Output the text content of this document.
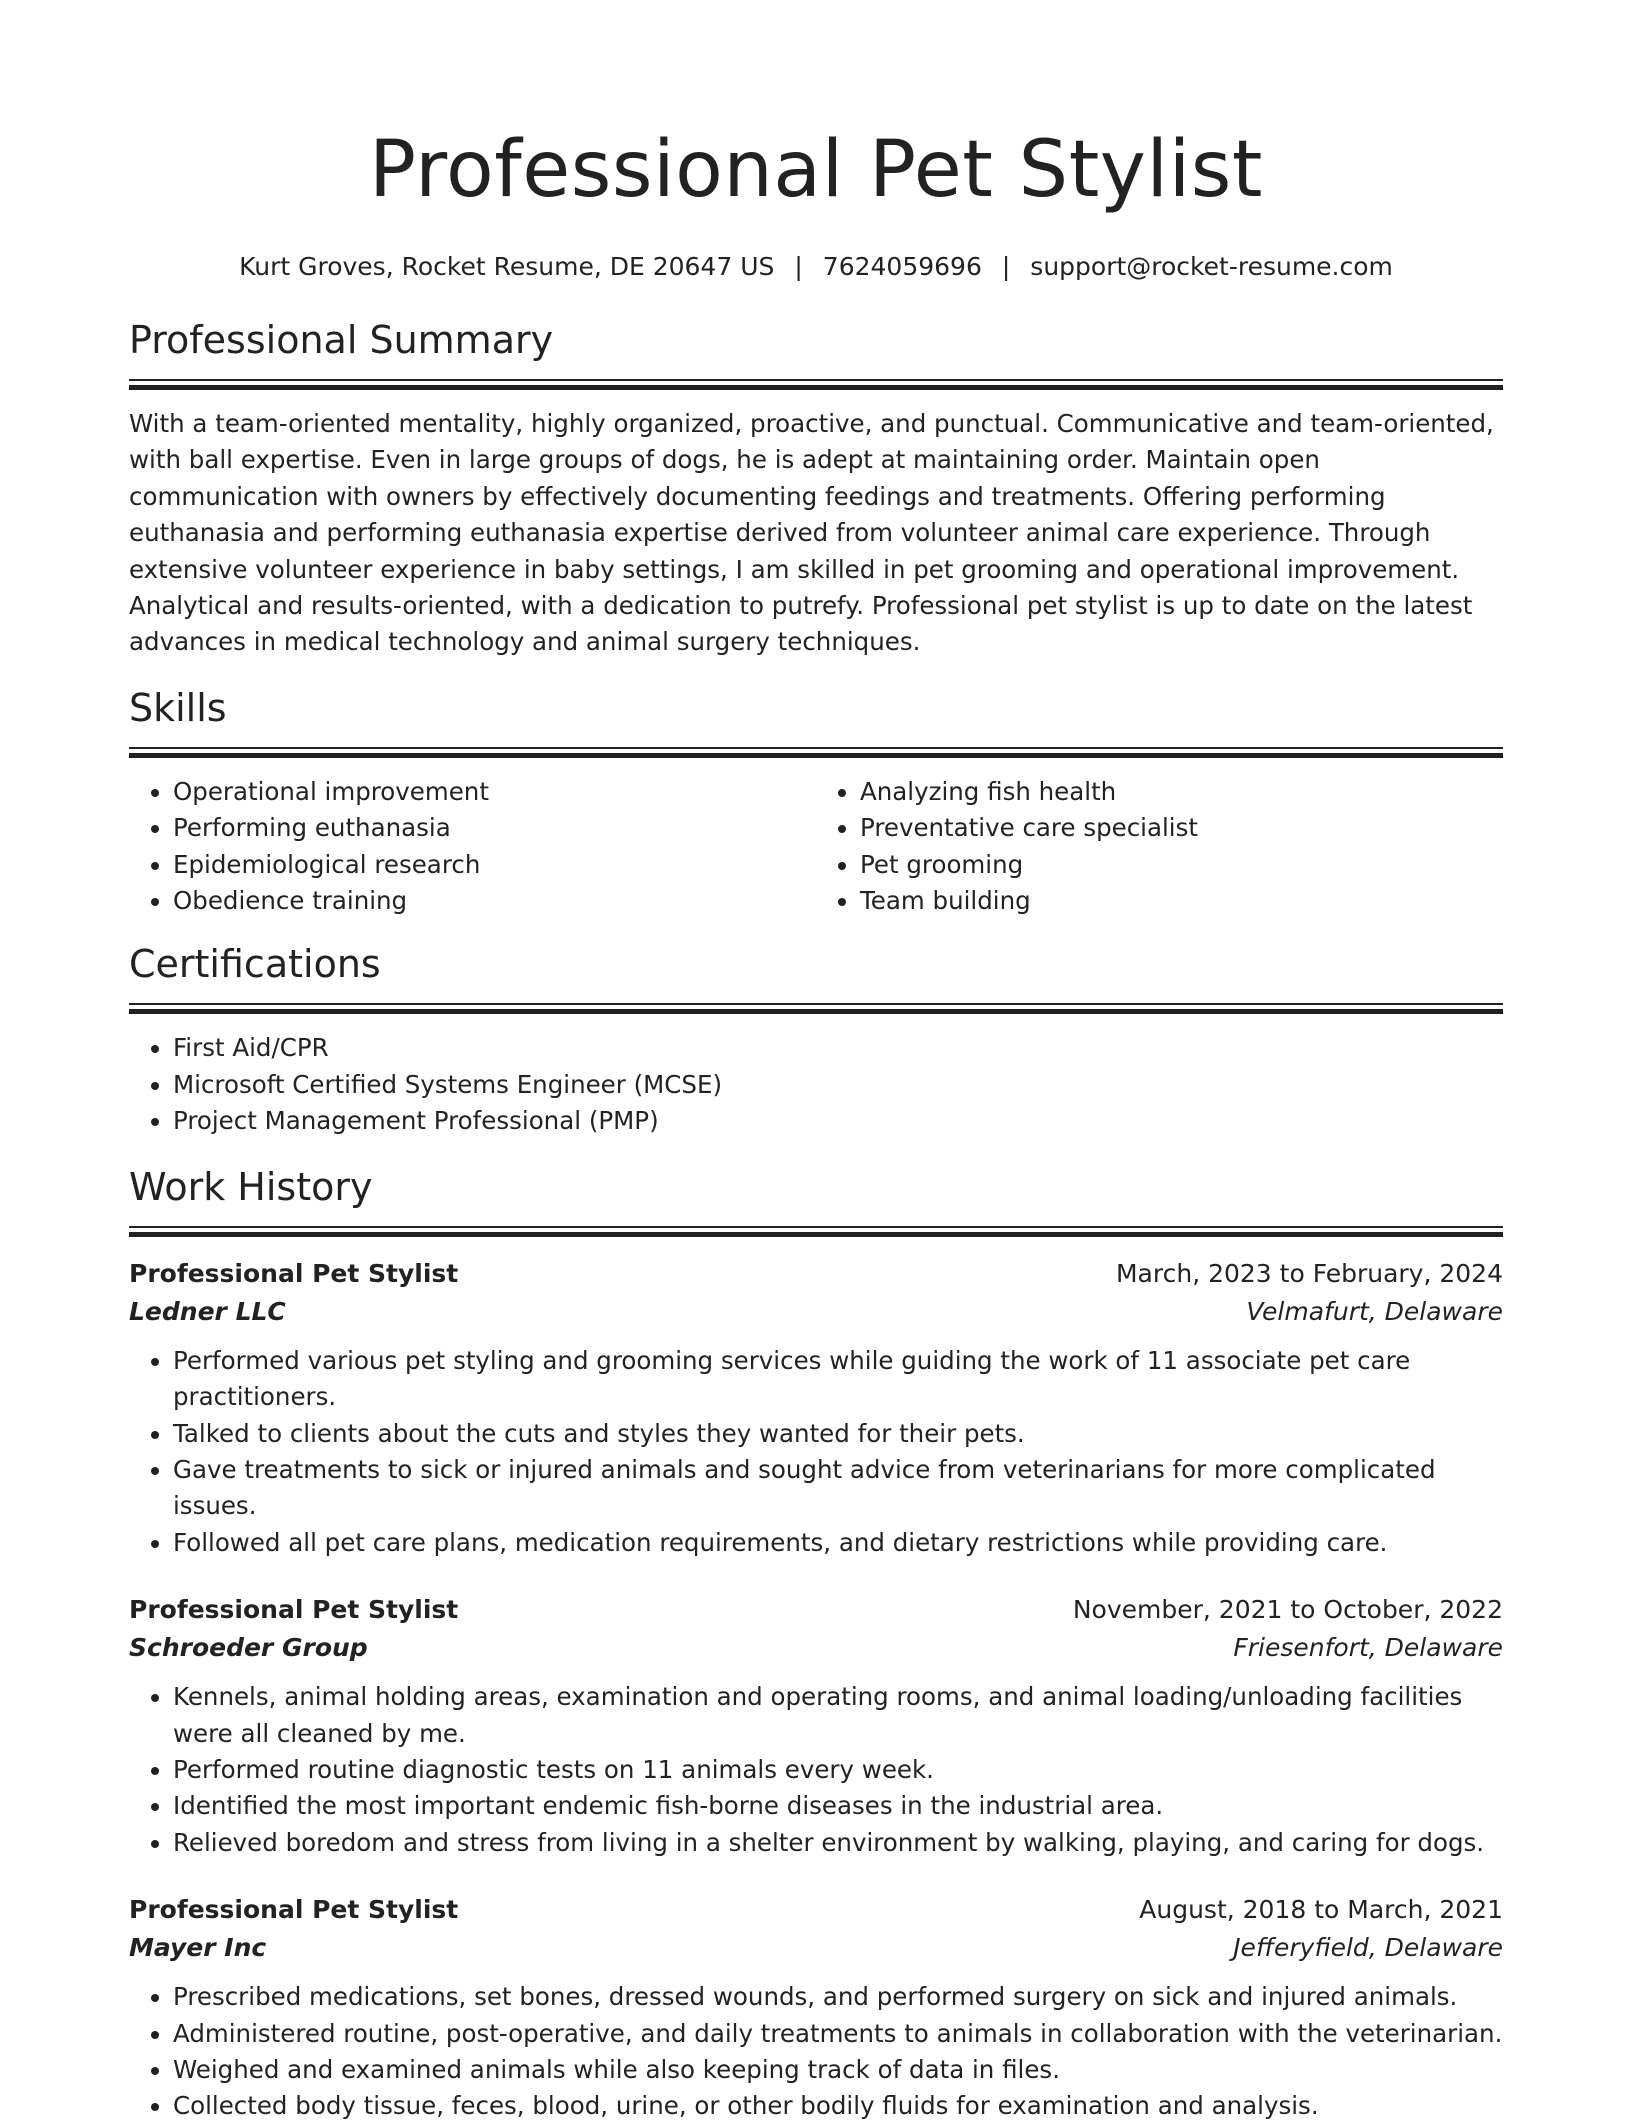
Professional Pet Stylist
Kurt Groves, Rocket Resume, DE 20647 US | 7624059696 | support@rocket-resume.com
Professional Summary

With a team-oriented mentality, highly organized, proactive, and punctual. Communicative and team-oriented, with ball expertise. Even in large groups of dogs, he is adept at maintaining order. Maintain open communication with owners by effectively documenting feedings and treatments. Offering performing euthanasia and performing euthanasia expertise derived from volunteer animal care experience. Through extensive volunteer experience in baby settings, I am skilled in pet grooming and operational improvement. Analytical and results-oriented, with a dedication to putrefy. Professional pet stylist is up to date on the latest advances in medical technology and animal surgery techniques.

Skills
• Operational improvement
• Performing euthanasia
• Epidemiological research
• Obedience training
• Analyzing fish health
• Preventative care specialist
• Pet grooming
• Team building
Certifications
• First Aid/CPR
• Microsoft Certified Systems Engineer (MCSE)
• Project Management Professional (PMP)
Work History
Professional Pet Stylist	March, 2023 to February, 2024
Ledner LLC	Velmafurt, Delaware
• Performed various pet styling and grooming services while guiding the work of 11 associate pet care practitioners.
• Talked to clients about the cuts and styles they wanted for their pets.
• Gave treatments to sick or injured animals and sought advice from veterinarians for more complicated issues.
• Followed all pet care plans, medication requirements, and dietary restrictions while providing care.
Professional Pet Stylist	November, 2021 to October, 2022
Schroeder Group	Friesenfort, Delaware
• Kennels, animal holding areas, examination and operating rooms, and animal loading/unloading facilities were all cleaned by me.
• Performed routine diagnostic tests on 11 animals every week.
• Identified the most important endemic fish-borne diseases in the industrial area.
• Relieved boredom and stress from living in a shelter environment by walking, playing, and caring for dogs.
Professional Pet Stylist	August, 2018 to March, 2021
Mayer Inc	Jefferyfield, Delaware
• Prescribed medications, set bones, dressed wounds, and performed surgery on sick and injured animals.
• Administered routine, post-operative, and daily treatments to animals in collaboration with the veterinarian.
• Weighed and examined animals while also keeping track of data in files.
• Collected body tissue, feces, blood, urine, or other bodily fluids for examination and analysis.
